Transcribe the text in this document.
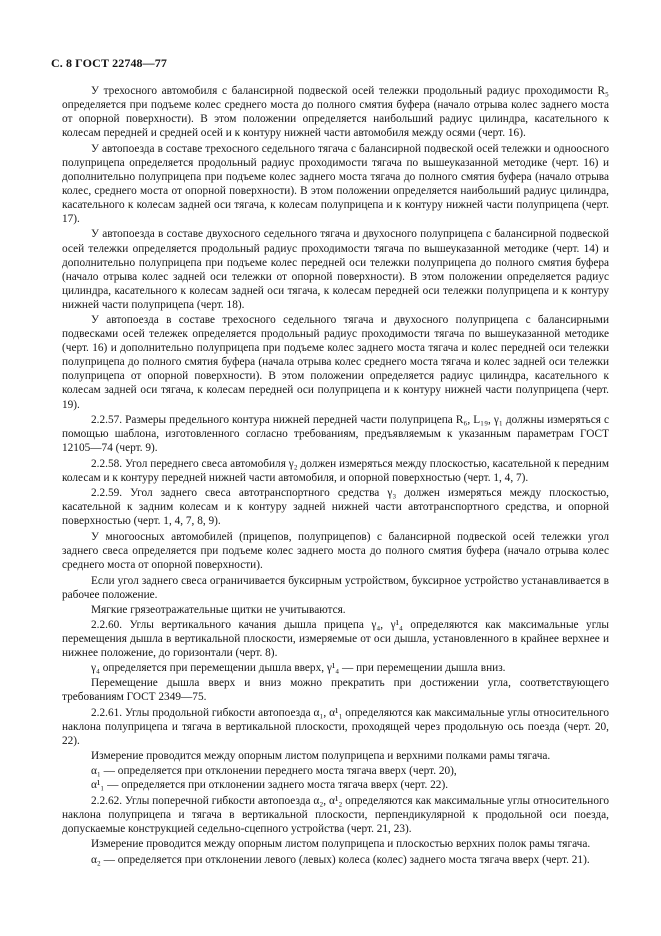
С. 8 ГОСТ 22748—77

У трехосного автомобиля с балансирной подвеской осей тележки продольный радиус проходимости R₅ определяется при подъеме колес среднего моста до полного смятия буфера (начало отрыва колес заднего моста от опорной поверхности). В этом положении определяется наибольший радиус цилиндра, касательного к колесам передней и средней осей и к контуру нижней части автомобиля между осями (черт. 16).

У автопоезда в составе трехосного седельного тягача с балансирной подвеской осей тележки и одноосного полуприцепа определяется продольный радиус проходимости тягача по вышеуказанной методике (черт. 16) и дополнительно полуприцепа при подъеме колес заднего моста тягача до полного смятия буфера (начало отрыва колес, среднего моста от опорной поверхности). В этом положении определяется наибольший радиус цилиндра, касательного к колесам задней оси тягача, к колесам полуприцепа и к контуру нижней части полуприцепа (черт. 17).

У автопоезда в составе двухосного седельного тягача и двухосного полуприцепа с балансирной подвеской осей тележки определяется продольный радиус проходимости тягача по вышеуказанной методике (черт. 14) и дополнительно полуприцепа при подъеме колес передней оси тележки полуприцепа до полного смятия буфера (начало отрыва колес задней оси тележки от опорной поверхности). В этом положении определяется радиус цилиндра, касательного к колесам задней оси тягача, к колесам передней оси тележки полуприцепа и к контуру нижней части полуприцепа (черт. 18).

У автопоезда в составе трехосного седельного тягача и двухосного полуприцепа с балансирными подвесками осей тележек определяется продольный радиус проходимости тягача по вышеуказанной методике (черт. 16) и дополнительно полуприцепа при подъеме колес заднего моста тягача и колес передней оси тележки полуприцепа до полного смятия буфера (начала отрыва колес среднего моста тягача и колес задней оси тележки полуприцепа от опорной поверхности). В этом положении определяется радиус цилиндра, касательного к колесам задней оси тягача, к колесам передней оси полуприцепа и к контуру нижней части полуприцепа (черт. 19).

2.2.57. Размеры предельного контура нижней передней части полуприцепа R₆, L₁₉, γ₁ должны измеряться с помощью шаблона, изготовленного согласно требованиям, предъявляемым к указанным параметрам ГОСТ 12105—74 (черт. 9).

2.2.58. Угол переднего свеса автомобиля γ₂ должен измеряться между плоскостью, касательной к передним колесам и к контуру передней нижней части автомобиля, и опорной поверхностью (черт. 1, 4, 7).

2.2.59. Угол заднего свеса автотранспортного средства γ₃ должен измеряться между плоскостью, касательной к задним колесам и к контуру задней нижней части автотранспортного средства, и опорной поверхностью (черт. 1, 4, 7, 8, 9).

У многоосных автомобилей (прицепов, полуприцепов) с балансирной подвеской осей тележки угол заднего свеса определяется при подъеме колес заднего моста до полного смятия буфера (начало отрыва колес среднего моста от опорной поверхности).

Если угол заднего свеса ограничивается буксирным устройством, буксирное устройство устанавливается в рабочее положение.

Мягкие грязеотражательные щитки не учитываются.

2.2.60. Углы вертикального качания дышла прицепа γ₄, γ¹₄ определяются как максимальные углы перемещения дышла в вертикальной плоскости, измеряемые от оси дышла, установленного в крайнее верхнее и нижнее положение, до горизонтали (черт. 8).

γ₄ определяется при перемещении дышла вверх, γ¹₄ — при перемещении дышла вниз.

Перемещение дышла вверх и вниз можно прекратить при достижении угла, соответствующего требованиям ГОСТ 2349—75.

2.2.61. Углы продольной гибкости автопоезда α₁, α¹₁ определяются как максимальные углы относительного наклона полуприцепа и тягача в вертикальной плоскости, проходящей через продольную ось поезда (черт. 20, 22).

Измерение проводится между опорным листом полуприцепа и верхними полками рамы тягача.

α₁ — определяется при отклонении переднего моста тягача вверх (черт. 20),

α¹₁ — определяется при отклонении заднего моста тягача вверх (черт. 22).

2.2.62. Углы поперечной гибкости автопоезда α₂, α¹₂ определяются как максимальные углы относительного наклона полуприцепа и тягача в вертикальной плоскости, перпендикулярной к продольной оси поезда, допускаемые конструкцией седельно-сцепного устройства (черт. 21, 23).

Измерение проводится между опорным листом полуприцепа и плоскостью верхних полок рамы тягача.

α₂ — определяется при отклонении левого (левых) колеса (колес) заднего моста тягача вверх (черт. 21).
